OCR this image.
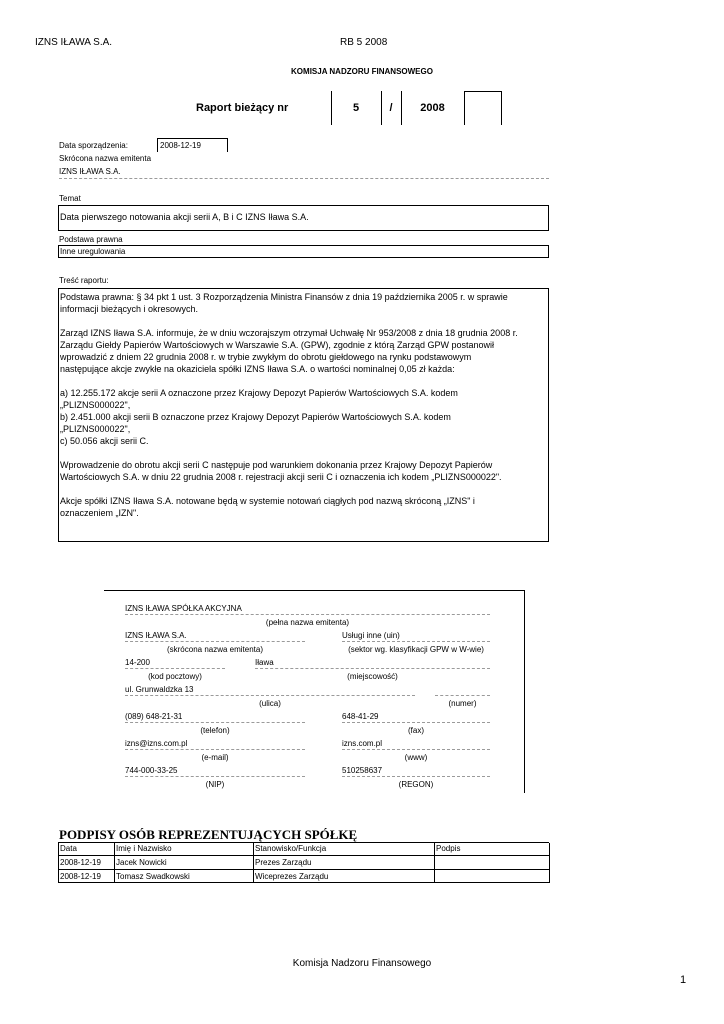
IZNS IŁAWA S.A.	RB 5 2008
KOMISJA NADZORU FINANSOWEGO
Raport bieżący nr	5	/	2008
Data sporządzenia:	2008-12-19
Skrócona nazwa emitenta
IZNS IŁAWA S.A.
Temat
Data pierwszego notowania akcji serii A, B i C IZNS Iława S.A.
Podstawa prawna
Inne uregulowania
Treść raportu:
Podstawa prawna: § 34 pkt 1 ust. 3 Rozporządzenia Ministra Finansów z dnia 19 października 2005 r. w sprawie
informacji bieżących i okresowych.
Zarząd IZNS Iława S.A. informuje, że w dniu wczorajszym otrzymał Uchwałę Nr 953/2008 z dnia 18 grudnia 2008 r.
Zarządu Giełdy Papierów Wartościowych w Warszawie S.A. (GPW), zgodnie z którą Zarząd GPW postanowił
wprowadzić z dniem 22 grudnia 2008 r. w trybie zwykłym do obrotu giełdowego na rynku podstawowym
następujące akcje zwykłe na okaziciela spółki IZNS Iława S.A. o wartości nominalnej 0,05 zł każda:
a) 12.255.172 akcje serii A oznaczone przez Krajowy Depozyt Papierów Wartościowych S.A. kodem
„PLIZNS000022",
b) 2.451.000 akcji serii B oznaczone przez Krajowy Depozyt Papierów Wartościowych S.A. kodem
„PLIZNS000022",
c) 50.056 akcji serii C.
Wprowadzenie do obrotu akcji serii C następuje pod warunkiem dokonania przez Krajowy Depozyt Papierów
Wartościowych S.A. w dniu 22 grudnia 2008 r. rejestracji akcji serii C i oznaczenia ich kodem „PLIZNS000022".
Akcje spółki IZNS Iława S.A. notowane będą w systemie notowań ciągłych pod nazwą skróconą „IZNS" i
oznaczeniem „IZN".
IZNS IŁAWA SPÓŁKA AKCYJNA
(pełna nazwa emitenta)
IZNS IŁAWA S.A.
(skrócona nazwa emitenta)
Usługi inne (uin)
(sektor wg. klasyfikacji GPW w W-wie)
14-200
(kod pocztowy)
Iława
(miejscowość)
ul. Grunwaldzka 13
(ulica)	(numer)
(089) 648-21-31
(telefon)
648-41-29
(fax)
izns@izns.com.pl
(e-mail)
izns.com.pl
(www)
744-000-33-25
(NIP)
510258637
(REGON)
PODPISY OSÓB REPREZENTUJĄCYCH SPÓŁKĘ
Data	Imię i Nazwisko	Stanowisko/Funkcja	Podpis
2008-12-19	Jacek Nowicki	Prezes Zarządu
2008-12-19	Tomasz Swadkowski	Wiceprezes Zarządu
Komisja Nadzoru Finansowego
1
